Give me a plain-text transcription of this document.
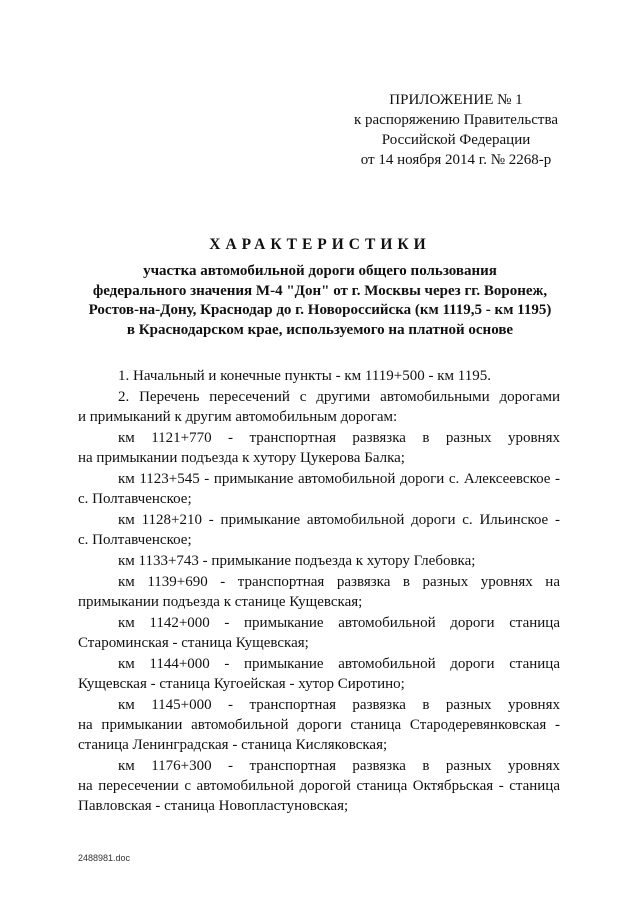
ПРИЛОЖЕНИЕ № 1
к распоряжению Правительства
Российской Федерации
от 14 ноября 2014 г. № 2268-р
ХАРАКТЕРИСТИКИ
участка автомобильной дороги общего пользования
федерального значения М-4 "Дон" от г. Москвы через гг. Воронеж,
Ростов-на-Дону, Краснодар до г. Новороссийска (км 1119,5 - км 1195)
в Краснодарском крае, используемого на платной основе
1. Начальный и конечные пункты - км 1119+500 - км 1195.
2. Перечень пересечений с другими автомобильными дорогами
и примыканий к другим автомобильным дорогам:
км 1121+770 - транспортная развязка в разных уровнях
на примыкании подъезда к хутору Цукерова Балка;
км 1123+545 - примыкание автомобильной дороги с. Алексеевское -
с. Полтавченское;
км 1128+210 - примыкание автомобильной дороги с. Ильинское -
с. Полтавченское;
км 1133+743 - примыкание подъезда к хутору Глебовка;
км 1139+690 - транспортная развязка в разных уровнях на
примыкании подъезда к станице Кущевская;
км 1142+000 - примыкание автомобильной дороги станица
Староминская - станица Кущевская;
км 1144+000 - примыкание автомобильной дороги станица
Кущевская - станица Кугоейская - хутор Сиротино;
км 1145+000 - транспортная развязка в разных уровнях
на примыкании автомобильной дороги станица Стародеревянковская -
станица Ленинградская - станица Кисляковская;
км 1176+300 - транспортная развязка в разных уровнях
на пересечении с автомобильной дорогой станица Октябрьская - станица
Павловская - станица Новопластуновская;
2488981.doc
